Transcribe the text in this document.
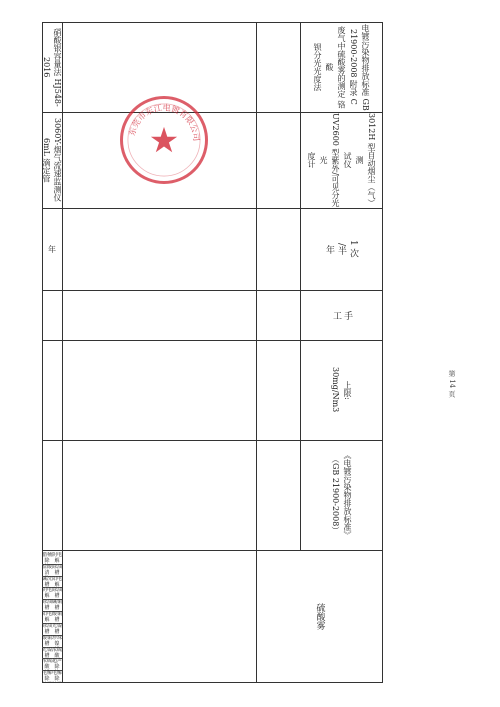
硝酸银容量法 HJ548-2016
3060Y-烟气流速监测仪
6mL 滴定管
年
电镀污染物排放标准 GB
21900-2008 附录 C
废气中硫酸雾的测定 铬酸
钡分光光度法
3012H 型自动烟尘（气）测
试仪
UV2600 型紫外/可见分光光
度计
1 次
/半
年
手
工
上限:
30mg/Nm3
《电镀污染物排放标准》
（GB 21900-2008）
硫酸雾
猎桶除

盐酸清

碱洗槽
阴电解
除油槽
阳电解
除油槽
酸铜槽
光镍槽
浓硫酸

电解除

阴电解
除油槽
阳电解
除油槽
碱铜槽
酸铜槽
光镍槽
珍珠镍

浓硫酸

超声除

电解除

东莞市东江电镀有限公司
第 14 页
